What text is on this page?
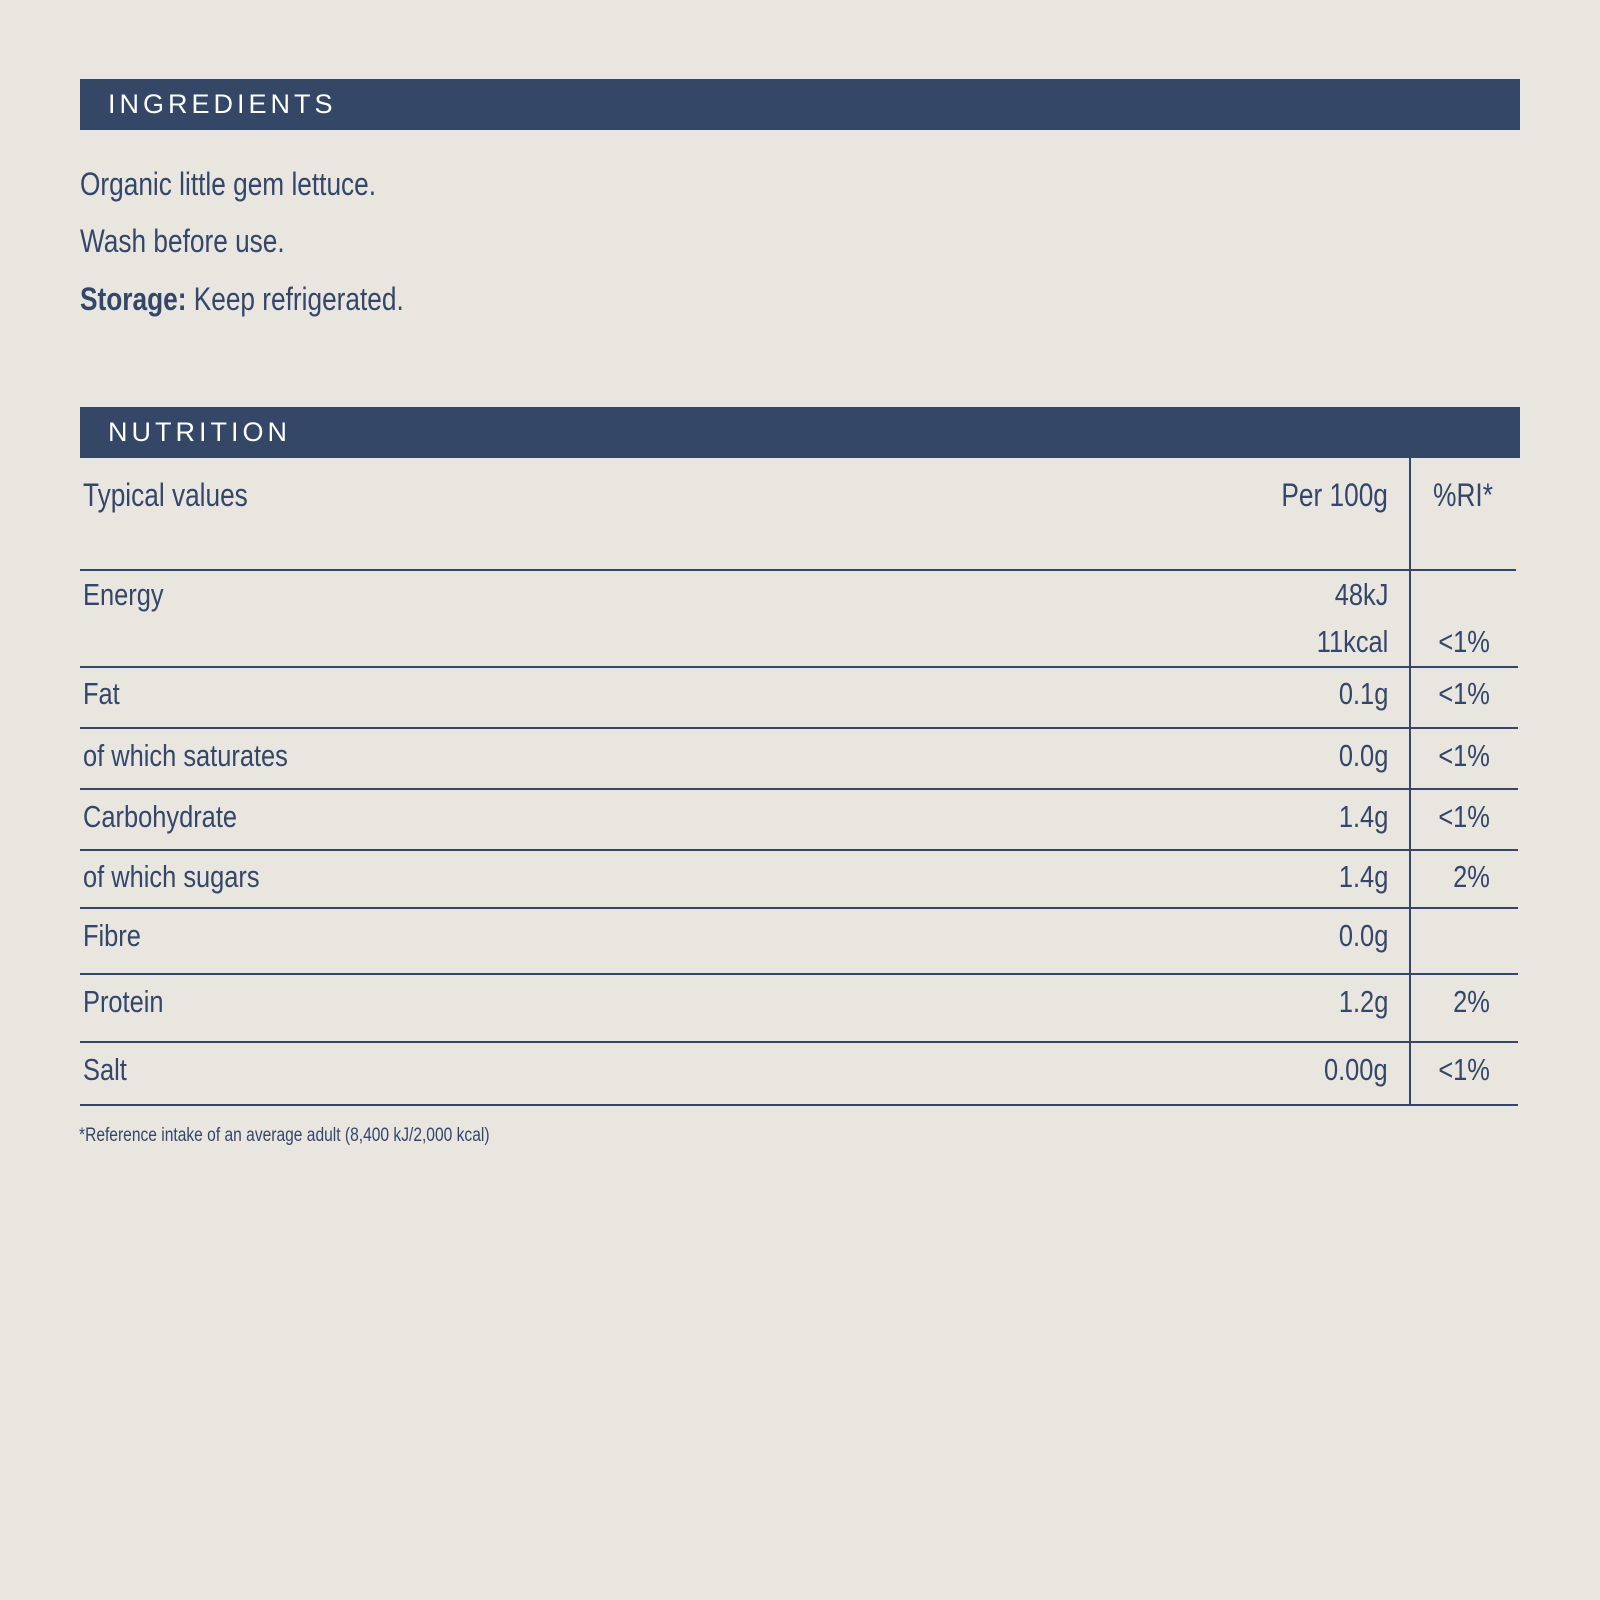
INGREDIENTS
Organic little gem lettuce.
Wash before use.
Storage: Keep refrigerated.
NUTRITION
Typical values	Per 100g %RI*
Energy	48kJ
11kcal <1%
Fat	0.1g <1%
of which saturates	0.0g <1%
Carbohydrate	1.4g <1%
of which sugars	1.4g 2%
Fibre	0.0g
Protein	1.2g 2%
Salt	0.00g <1%
*Reference intake of an average adult (8,400 kJ/2,000 kcal)
